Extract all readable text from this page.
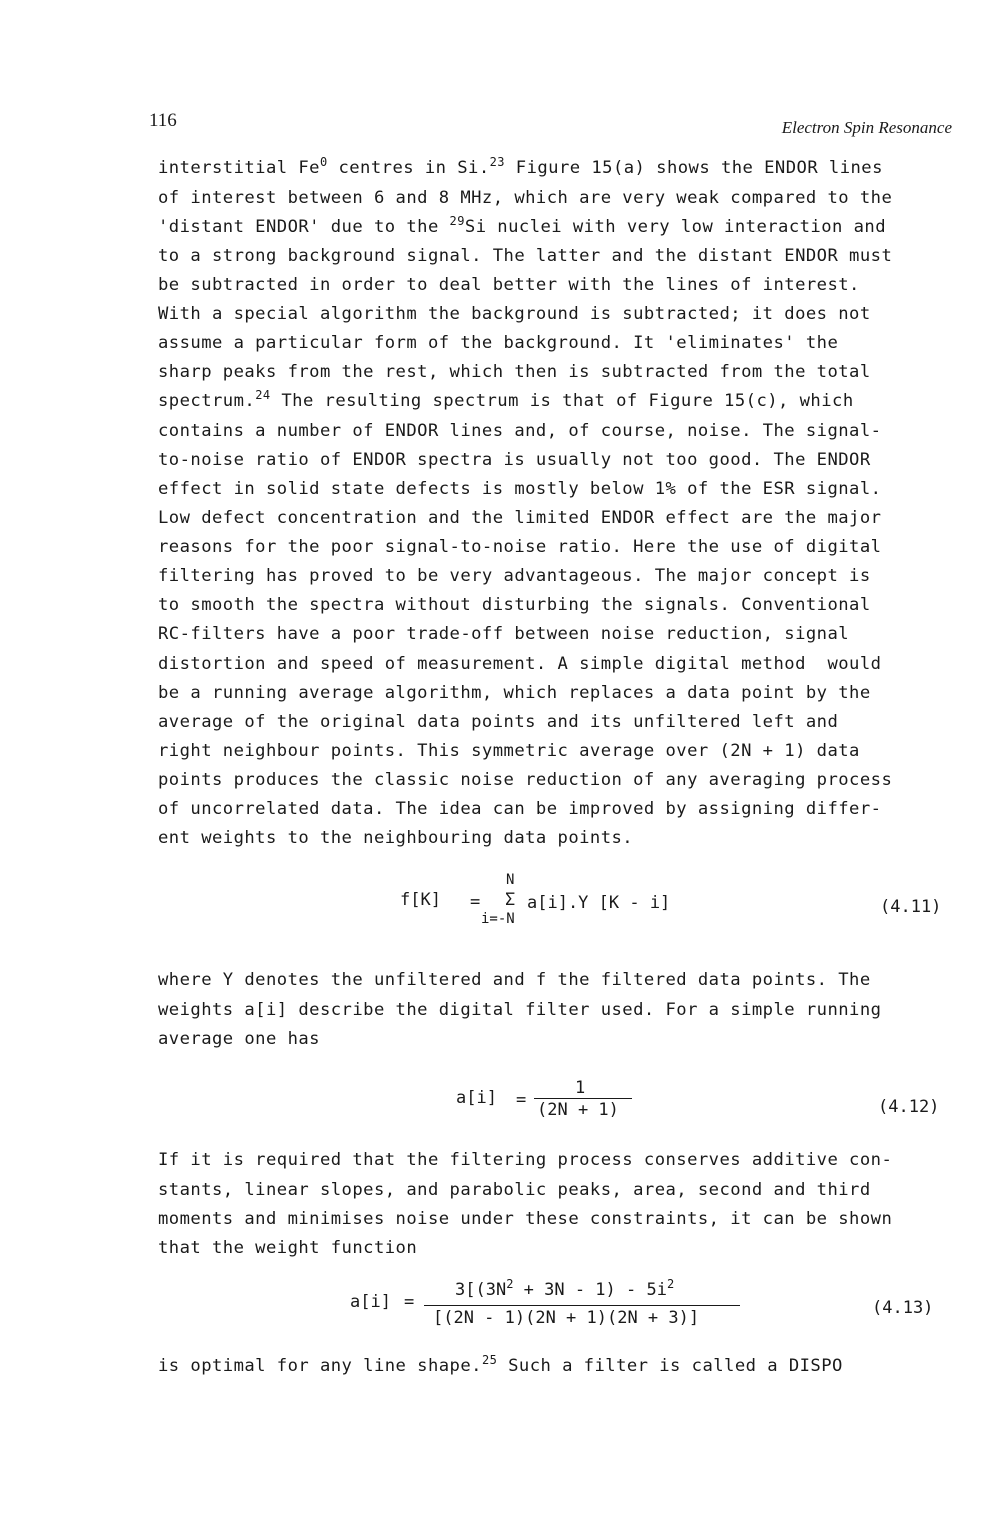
116	Electron Spin Resonance
interstitial Fe$^0$ centres in Si.$^{23}$ Figure 15(a) shows the ENDOR lines
of interest between 6 and 8 MHz, which are very weak compared to the
'distant ENDOR' due to the $^{29}$Si nuclei with very low interaction and
to a strong background signal. The latter and the distant ENDOR must
be subtracted in order to deal better with the lines of interest.
With a special algorithm the background is subtracted; it does not
assume a particular form of the background. It 'eliminates' the
sharp peaks from the rest, which then is subtracted from the total
spectrum.$^{24}$ The resulting spectrum is that of Figure 15(c), which
contains a number of ENDOR lines and, of course, noise. The signal-
to-noise ratio of ENDOR spectra is usually not too good. The ENDOR
effect in solid state defects is mostly below 1% of the ESR signal.
Low defect concentration and the limited ENDOR effect are the major
reasons for the poor signal-to-noise ratio. Here the use of digital
filtering has proved to be very advantageous. The major concept is
to smooth the spectra without disturbing the signals. Conventional
RC-filters have a poor trade-off between noise reduction, signal
distortion and speed of measurement. A simple digital method  would
be a running average algorithm, which replaces a data point by the
average of the original data points and its unfiltered left and
right neighbour points. This symmetric average over (2N + 1) data
points produces the classic noise reduction of any averaging process
of uncorrelated data. The idea can be improved by assigning differ-
ent weights to the neighbouring data points.
f[K] =
N
Σ
i=-N
a[i].Y [K - i]	(4.11)
where Y denotes the unfiltered and f the filtered data points. The
weights a[i] describe the digital filter used. For a simple running
average one has
a[i] =
1
(2N + 1)	(4.12)
If it is required that the filtering process conserves additive con-
stants, linear slopes, and parabolic peaks, area, second and third
moments and minimises noise under these constraints, it can be shown
that the weight function
a[i] =
$3[(3N^2 + 3N - 1) - 5i^2$
[(2N - 1)(2N + 1)(2N + 3)]	(4.13)
is optimal for any line shape.$^{25}$ Such a filter is called a DISPO
